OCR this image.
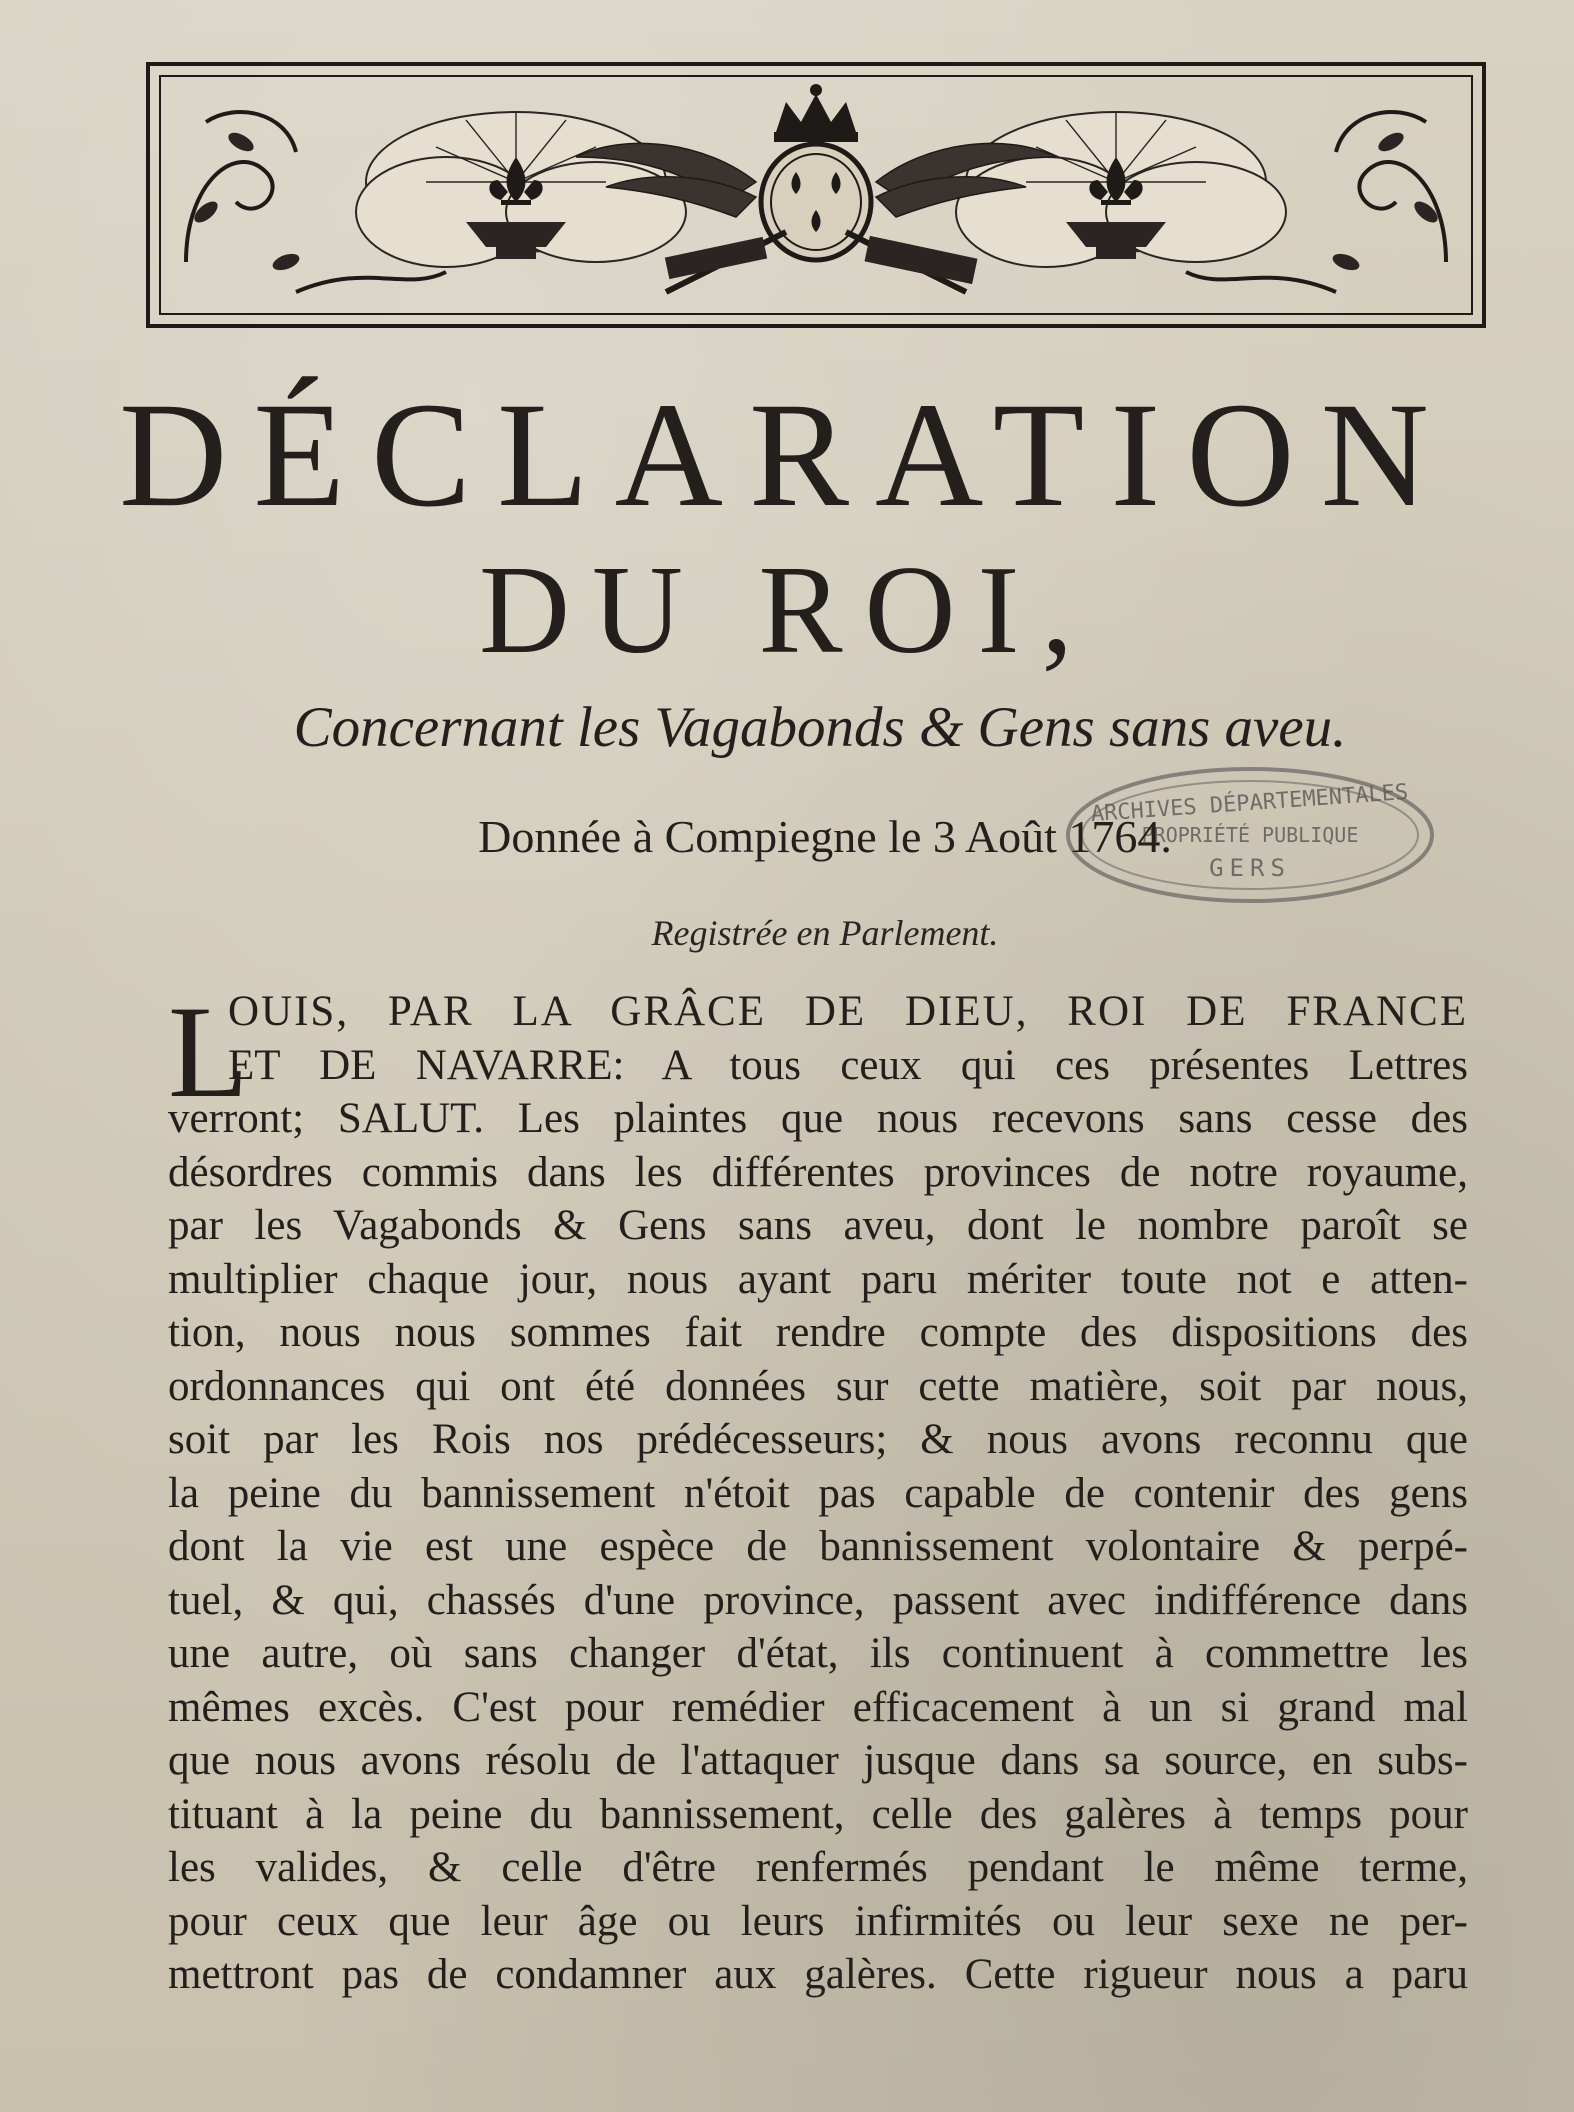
DÉCLARATION
DU ROI,

Concernant les Vagabonds & Gens sans aveu.

ARCHIVES DÉPARTEMENTALES
PROPRIÉTÉ PUBLIQUE
GERS

Donnée à Compiegne le 3 Août 1764.

Registrée en Parlement.

L
OUIS, PAR LA GRÂCE DE DIEU, ROI DE FRANCE
ET DE NAVARRE: A tous ceux qui ces présentes Lettres
verront; SALUT. Les plaintes que nous recevons sans cesse des
désordres commis dans les différentes provinces de notre royaume,
par les Vagabonds & Gens sans aveu, dont le nombre paroît se
multiplier chaque jour, nous ayant paru mériter toute not e atten-
tion, nous nous sommes fait rendre compte des dispositions des
ordonnances qui ont été données sur cette matière, soit par nous,
soit par les Rois nos prédécesseurs; & nous avons reconnu que
la peine du bannissement n'étoit pas capable de contenir des gens
dont la vie est une espèce de bannissement volontaire & perpé-
tuel, & qui, chassés d'une province, passent avec indifférence dans
une autre, où sans changer d'état, ils continuent à commettre les
mêmes excès. C'est pour remédier efficacement à un si grand mal
que nous avons résolu de l'attaquer jusque dans sa source, en subs-
tituant à la peine du bannissement, celle des galères à temps pour
les valides, & celle d'être renfermés pendant le même terme,
pour ceux que leur âge ou leurs infirmités ou leur sexe ne per-
mettront pas de condamner aux galères. Cette rigueur nous a paru
